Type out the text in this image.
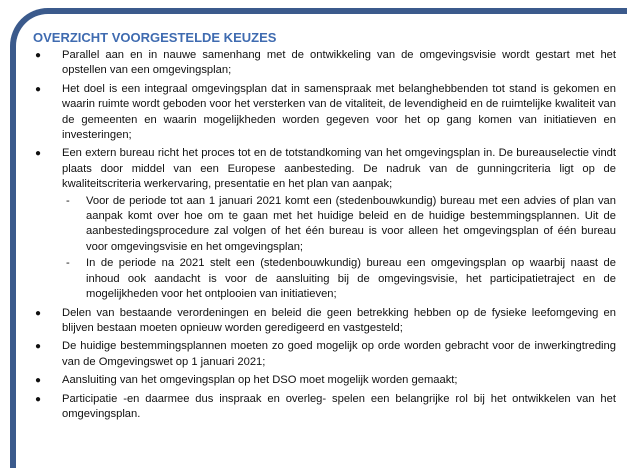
OVERZICHT VOORGESTELDE KEUZES
● Parallel aan en in nauwe samenhang met de ontwikkeling van de omgevingsvisie wordt gestart met het opstellen van een omgevingsplan;
● Het doel is een integraal omgevingsplan dat in samenspraak met belanghebbenden tot stand is gekomen en waarin ruimte wordt geboden voor het versterken van de vitaliteit, de levendigheid en de ruimtelijke kwaliteit van de gemeenten en waarin mogelijkheden worden gegeven voor het op gang komen van initiatieven en investeringen;
● Een extern bureau richt het proces tot en de totstandkoming van het omgevingsplan in. De bureauselectie vindt plaats door middel van een Europese aanbesteding. De nadruk van de gunningcriteria ligt op de kwaliteitscriteria werkervaring, presentatie en het plan van aanpak;
- Voor de periode tot aan 1 januari 2021 komt een (stedenbouwkundig) bureau met een advies of plan van aanpak komt over hoe om te gaan met het huidige beleid en de huidige bestemmingsplannen. Uit de aanbestedingsprocedure zal volgen of het één bureau is voor alleen het omgevingsplan of één bureau voor omgevingsvisie en het omgevingsplan;
- In de periode na 2021 stelt een (stedenbouwkundig) bureau een omgevingsplan op waarbij naast de inhoud ook aandacht is voor de aansluiting bij de omgevingsvisie, het participatietraject en de mogelijkheden voor het ontplooien van initiatieven;
● Delen van bestaande verordeningen en beleid die geen betrekking hebben op de fysieke leefomgeving en blijven bestaan moeten opnieuw worden geredigeerd en vastgesteld;
● De huidige bestemmingsplannen moeten zo goed mogelijk op orde worden gebracht voor de inwerkingtreding van de Omgevingswet op 1 januari 2021;
● Aansluiting van het omgevingsplan op het DSO moet mogelijk worden gemaakt;
● Participatie -en daarmee dus inspraak en overleg- spelen een belangrijke rol bij het ontwikkelen van het omgevingsplan.
